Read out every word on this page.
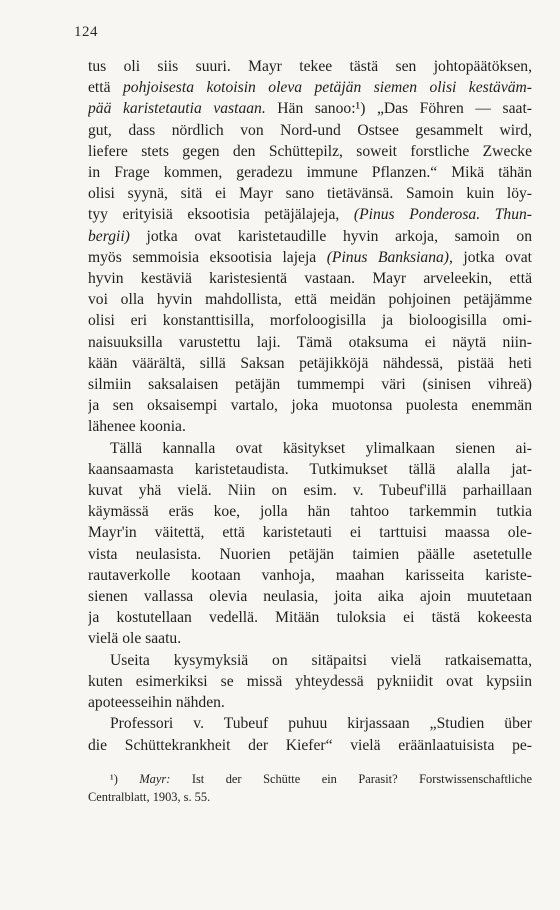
124
tus oli siis suuri. Mayr tekee tästä sen johtopäätöksen,
että pohjoisesta kotoisin oleva petäjän siemen olisi kestäväm-
pää karistetautia vastaan. Hän sanoo:¹) „Das Föhren — saat-
gut, dass nördlich von Nord-und Ostsee gesammelt wird,
liefere stets gegen den Schüttepilz, soweit forstliche Zwecke
in Frage kommen, geradezu immune Pflanzen.“ Mikä tähän
olisi syynä, sitä ei Mayr sano tietävänsä. Samoin kuin löy-
tyy erityisiä eksootisia petäjälajeja, (Pinus Ponderosa. Thun-
bergii) jotka ovat karistetaudille hyvin arkoja, samoin on
myös semmoisia eksootisia lajeja (Pinus Banksiana), jotka ovat
hyvin kestäviä karistesientä vastaan. Mayr arveleekin, että
voi olla hyvin mahdollista, että meidän pohjoinen petäjämme
olisi eri konstanttisilla, morfoloogisilla ja bioloogisilla omi-
naisuuksilla varustettu laji. Tämä otaksuma ei näytä niin-
kään väärältä, sillä Saksan petäjikköjä nähdessä, pistää heti
silmiin saksalaisen petäjän tummempi väri (sinisen vihreä)
ja sen oksaisempi vartalo, joka muotonsa puolesta enemmän
lähenee koonia.
Tällä kannalla ovat käsitykset ylimalkaan sienen ai-
kaansaamasta karistetaudista. Tutkimukset tällä alalla jat-
kuvat yhä vielä. Niin on esim. v. Tubeuf'illä parhaillaan
käymässä eräs koe, jolla hän tahtoo tarkemmin tutkia
Mayr'in väitettä, että karistetauti ei tarttuisi maassa ole-
vista neulasista. Nuorien petäjän taimien päälle asetetulle
rautaverkolle kootaan vanhoja, maahan karisseita kariste-
sienen vallassa olevia neulasia, joita aika ajoin muutetaan
ja kostutellaan vedellä. Mitään tuloksia ei tästä kokeesta
vielä ole saatu.
Useita kysymyksiä on sitäpaitsi vielä ratkaisematta,
kuten esimerkiksi se missä yhteydessä pykniidit ovat kypsiin
apoteesseihin nähden.
Professori v. Tubeuf puhuu kirjassaan „Studien über
die Schüttekrankheit der Kiefer“ vielä eräänlaatuisista pe-
¹) Mayr: Ist der Schütte ein Parasit? Forstwissenschaftliche
Centralblatt, 1903, s. 55.
